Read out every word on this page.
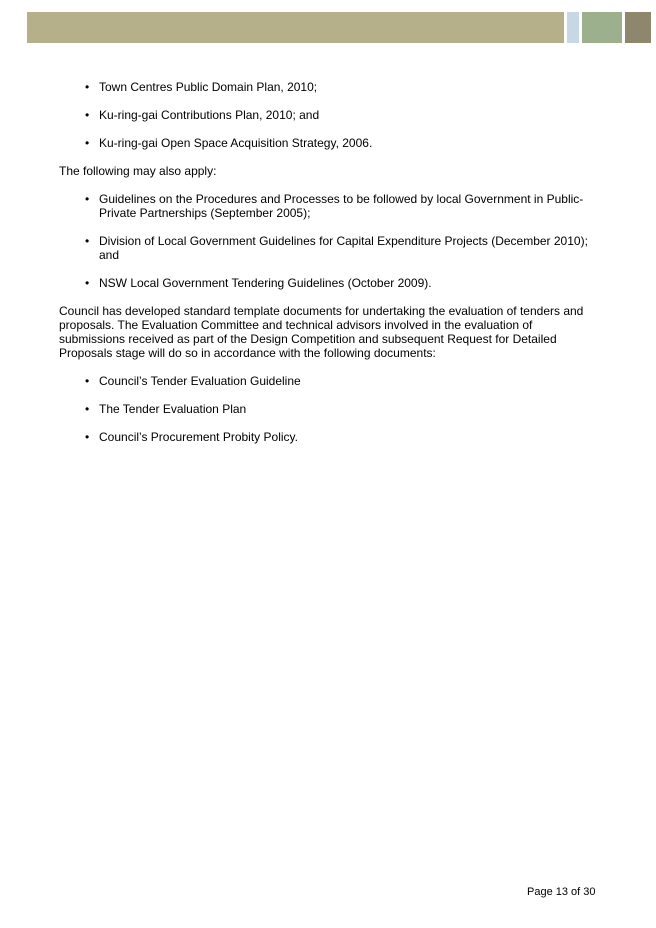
• Town Centres Public Domain Plan, 2010;
• Ku-ring-gai Contributions Plan, 2010; and
• Ku-ring-gai Open Space Acquisition Strategy, 2006.

The following may also apply:

• Guidelines on the Procedures and Processes to be followed by local Government in Public-Private Partnerships (September 2005);
• Division of Local Government Guidelines for Capital Expenditure Projects (December 2010); and
• NSW Local Government Tendering Guidelines (October 2009).

Council has developed standard template documents for undertaking the evaluation of tenders and proposals. The Evaluation Committee and technical advisors involved in the evaluation of submissions received as part of the Design Competition and subsequent Request for Detailed Proposals stage will do so in accordance with the following documents:

• Council’s Tender Evaluation Guideline
• The Tender Evaluation Plan
• Council’s Procurement Probity Policy.
Page 13 of 30
